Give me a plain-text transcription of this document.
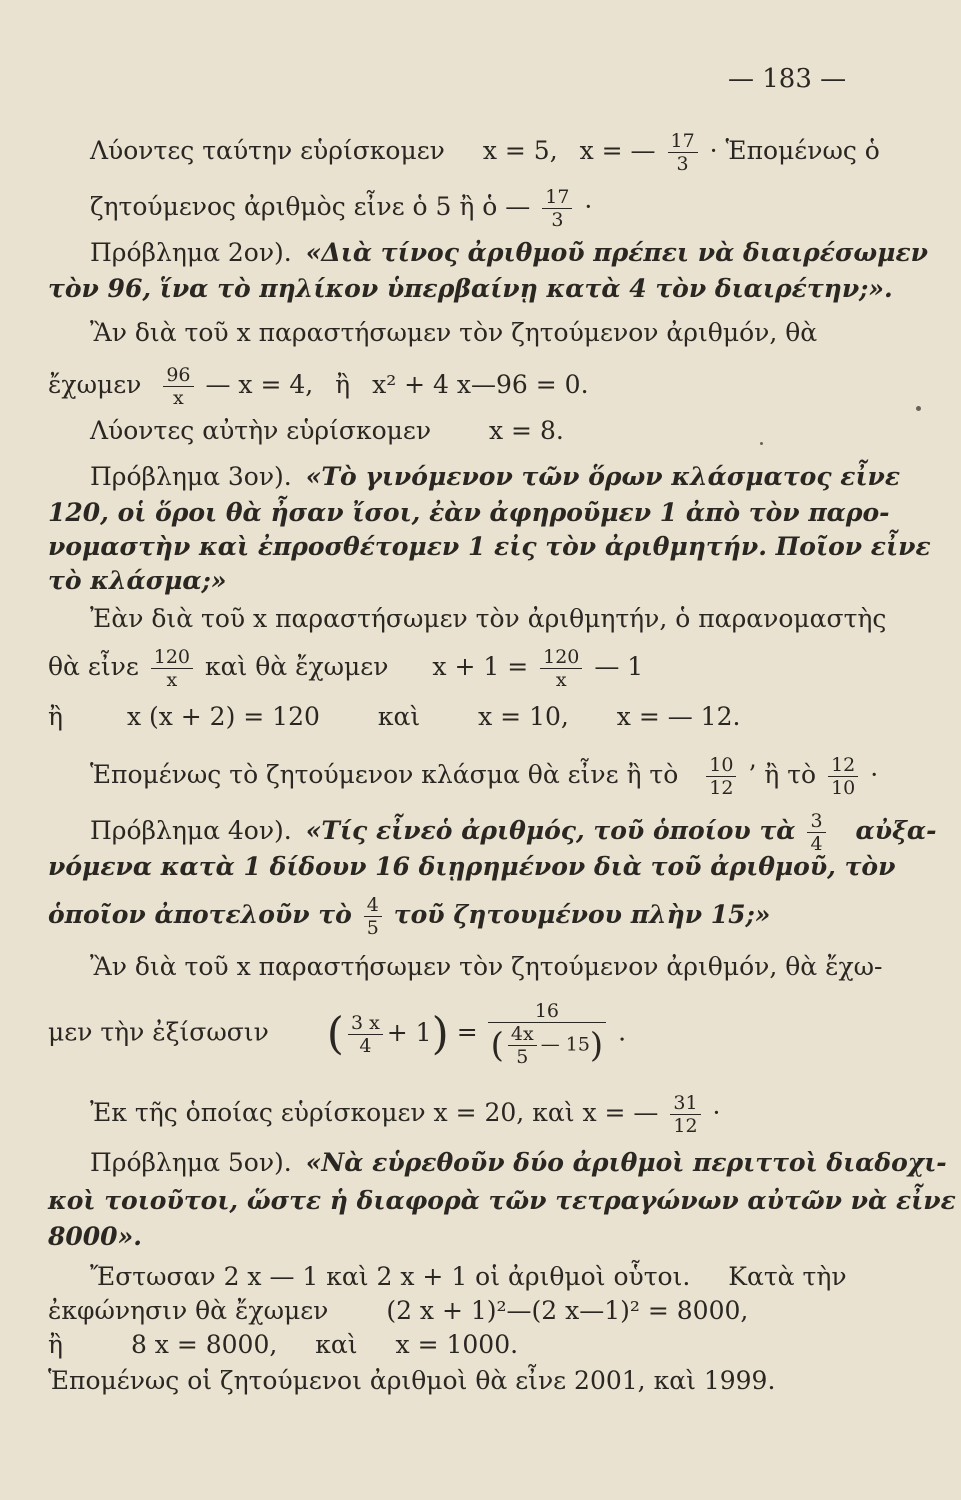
— 183 —
Λύοντες ταύτην εὑρίσκομεν x = 5, x = — $\frac{17}{3}$ · Ἑπομένως ὁ
ζητούμενος ἀριθμὸς εἶνε ὁ 5 ἢ ὁ — $\frac{17}{3}$ ·
Πρόβλημα 2ον). «Διὰ τίνος ἀριθμοῦ πρέπει νὰ διαιρέσωμεν
τὸν 96, ἵνα τὸ πηλίκον ὑπερβαίνῃ κατὰ 4 τὸν διαιρέτην;».
Ἂν διὰ τοῦ x παραστήσωμεν τὸν ζητούμενον ἀριθμόν, θὰ
ἔχωμεν $\frac{96}{x}$ — x = 4, ἢ x² + 4 x—96 = 0.
Λύοντες αὐτὴν εὑρίσκομεν x = 8.
Πρόβλημα 3ον). «Τὸ γινόμενον τῶν ὅρων κλάσματος εἶνε
120, οἱ ὅροι θὰ ἦσαν ἴσοι, ἐὰν ἀφηροῦμεν 1 ἀπὸ τὸν παρο-
νομαστὴν καὶ ἐπροσθέτομεν 1 εἰς τὸν ἀριθμητήν. Ποῖον εἶνε
τὸ κλάσμα;»
Ἐὰν διὰ τοῦ x παραστήσωμεν τὸν ἀριθμητήν, ὁ παρανομαστὴς
θὰ εἶνε $\frac{120}{x}$ καὶ θὰ ἔχωμεν $x + 1 = \frac{120}{x}$ — 1
ἢ	x (x + 2) = 120 καὶ x = 10, x = — 12.
Ἑπομένως τὸ ζητούμενον κλάσμα θὰ εἶνε ἢ τὸ $\frac{10}{12}$ ’ ἢ τὸ $\frac{12}{10}$ ·
Πρόβλημα 4ον). «Τίς εἶνεὁ ἀριθμός, τοῦ ὁποίου τὰ $\frac{3}{4}$ αὐξα-
νόμενα κατὰ 1 δίδουν 16 διῃρημένον διὰ τοῦ ἀριθμοῦ, τὸν
ὁποῖον ἀποτελοῦν τὸ $\frac{4}{5}$ τοῦ ζητουμένου πλὴν 15;»
Ἂν διὰ τοῦ x παραστήσωμεν τὸν ζητούμενον ἀριθμόν, θὰ ἔχω-
μεν τὴν ἐξίσωσιν ( $\frac{3 x}{4} + 1) = \frac{16}{( \frac{4x}{5} — 15)}$ .
Ἐκ τῆς ὁποίας εὑρίσκομεν x = 20, καὶ x = — $\frac{31}{12}$ ·
Πρόβλημα 5ον). «Νὰ εὑρεθοῦν δύο ἀριθμοὶ περιττοὶ διαδοχι-
κοὶ τοιοῦτοι, ὥστε ἡ διαφορὰ τῶν τετραγώνων αὐτῶν νὰ εἶνε
8000».
Ἔστωσαν 2 x — 1 καὶ 2 x + 1 οἱ ἀριθμοὶ οὗτοι. Κατὰ τὴν
ἐκφώνησιν θὰ ἔχωμεν (2 x + 1)²—(2 x—1)² = 8000,
ἢ	8 x = 8000, καὶ x = 1000.
Ἑπομένως οἱ ζητούμενοι ἀριθμοὶ θὰ εἶνε 2001, καὶ 1999.
